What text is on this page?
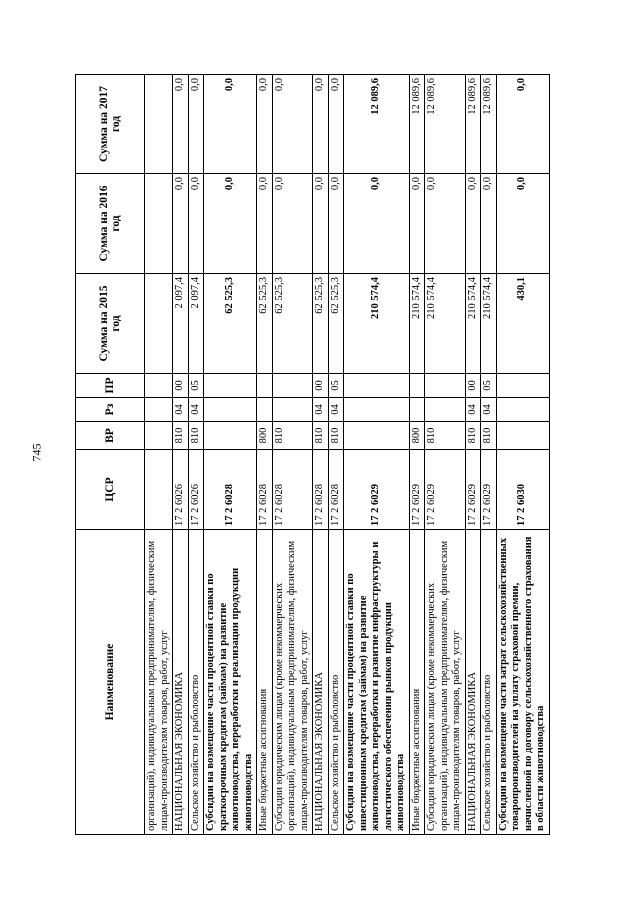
745
Наименование	ЦСР	ВР	Рз	ПР	Сумма на 2015 год	Сумма на 2016 год	Сумма на 2017 год
организаций), индивидуальным предпринимателям, физическим лицам-производителям товаров, работ, услуг							
НАЦИОНАЛЬНАЯ ЭКОНОМИКА	17 2 6026	810	04	00	2 097,4	0,0	0,0
Сельское хозяйство и рыболовство	17 2 6026	810	04	05	2 097,4	0,0	0,0
Субсидии на возмещение части процентной ставки по краткосрочным кредитам (займам) на развитие животноводства, переработки и реализации продукции животноводства	17 2 6028				62 525,3	0,0	0,0
Иные бюджетные ассигнования	17 2 6028	800			62 525,3	0,0	0,0
Субсидии юридическим лицам (кроме некоммерческих организаций), индивидуальным предпринимателям, физическим лицам-производителям товаров, работ, услуг	17 2 6028	810			62 525,3	0,0	0,0
НАЦИОНАЛЬНАЯ ЭКОНОМИКА	17 2 6028	810	04	00	62 525,3	0,0	0,0
Сельское хозяйство и рыболовство	17 2 6028	810	04	05	62 525,3	0,0	0,0
Субсидии на возмещение части процентной ставки по инвестиционным кредитам (займам) на развитие животноводства, переработки и развитие инфраструктуры и логистического обеспечения рынков продукции животноводства	17 2 6029				210 574,4	0,0	12 089,6
Иные бюджетные ассигнования	17 2 6029	800			210 574,4	0,0	12 089,6
Субсидии юридическим лицам (кроме некоммерческих организаций), индивидуальным предпринимателям, физическим лицам-производителям товаров, работ, услуг	17 2 6029	810			210 574,4	0,0	12 089,6
НАЦИОНАЛЬНАЯ ЭКОНОМИКА	17 2 6029	810	04	00	210 574,4	0,0	12 089,6
Сельское хозяйство и рыболовство	17 2 6029	810	04	05	210 574,4	0,0	12 089,6
Субсидии на возмещение части затрат сельскохозяйственных товаропроизводителей на уплату страховой премии, начисленной по договору сельскохозяйственного страхования в области животноводства	17 2 6030				430,1	0,0	0,0
